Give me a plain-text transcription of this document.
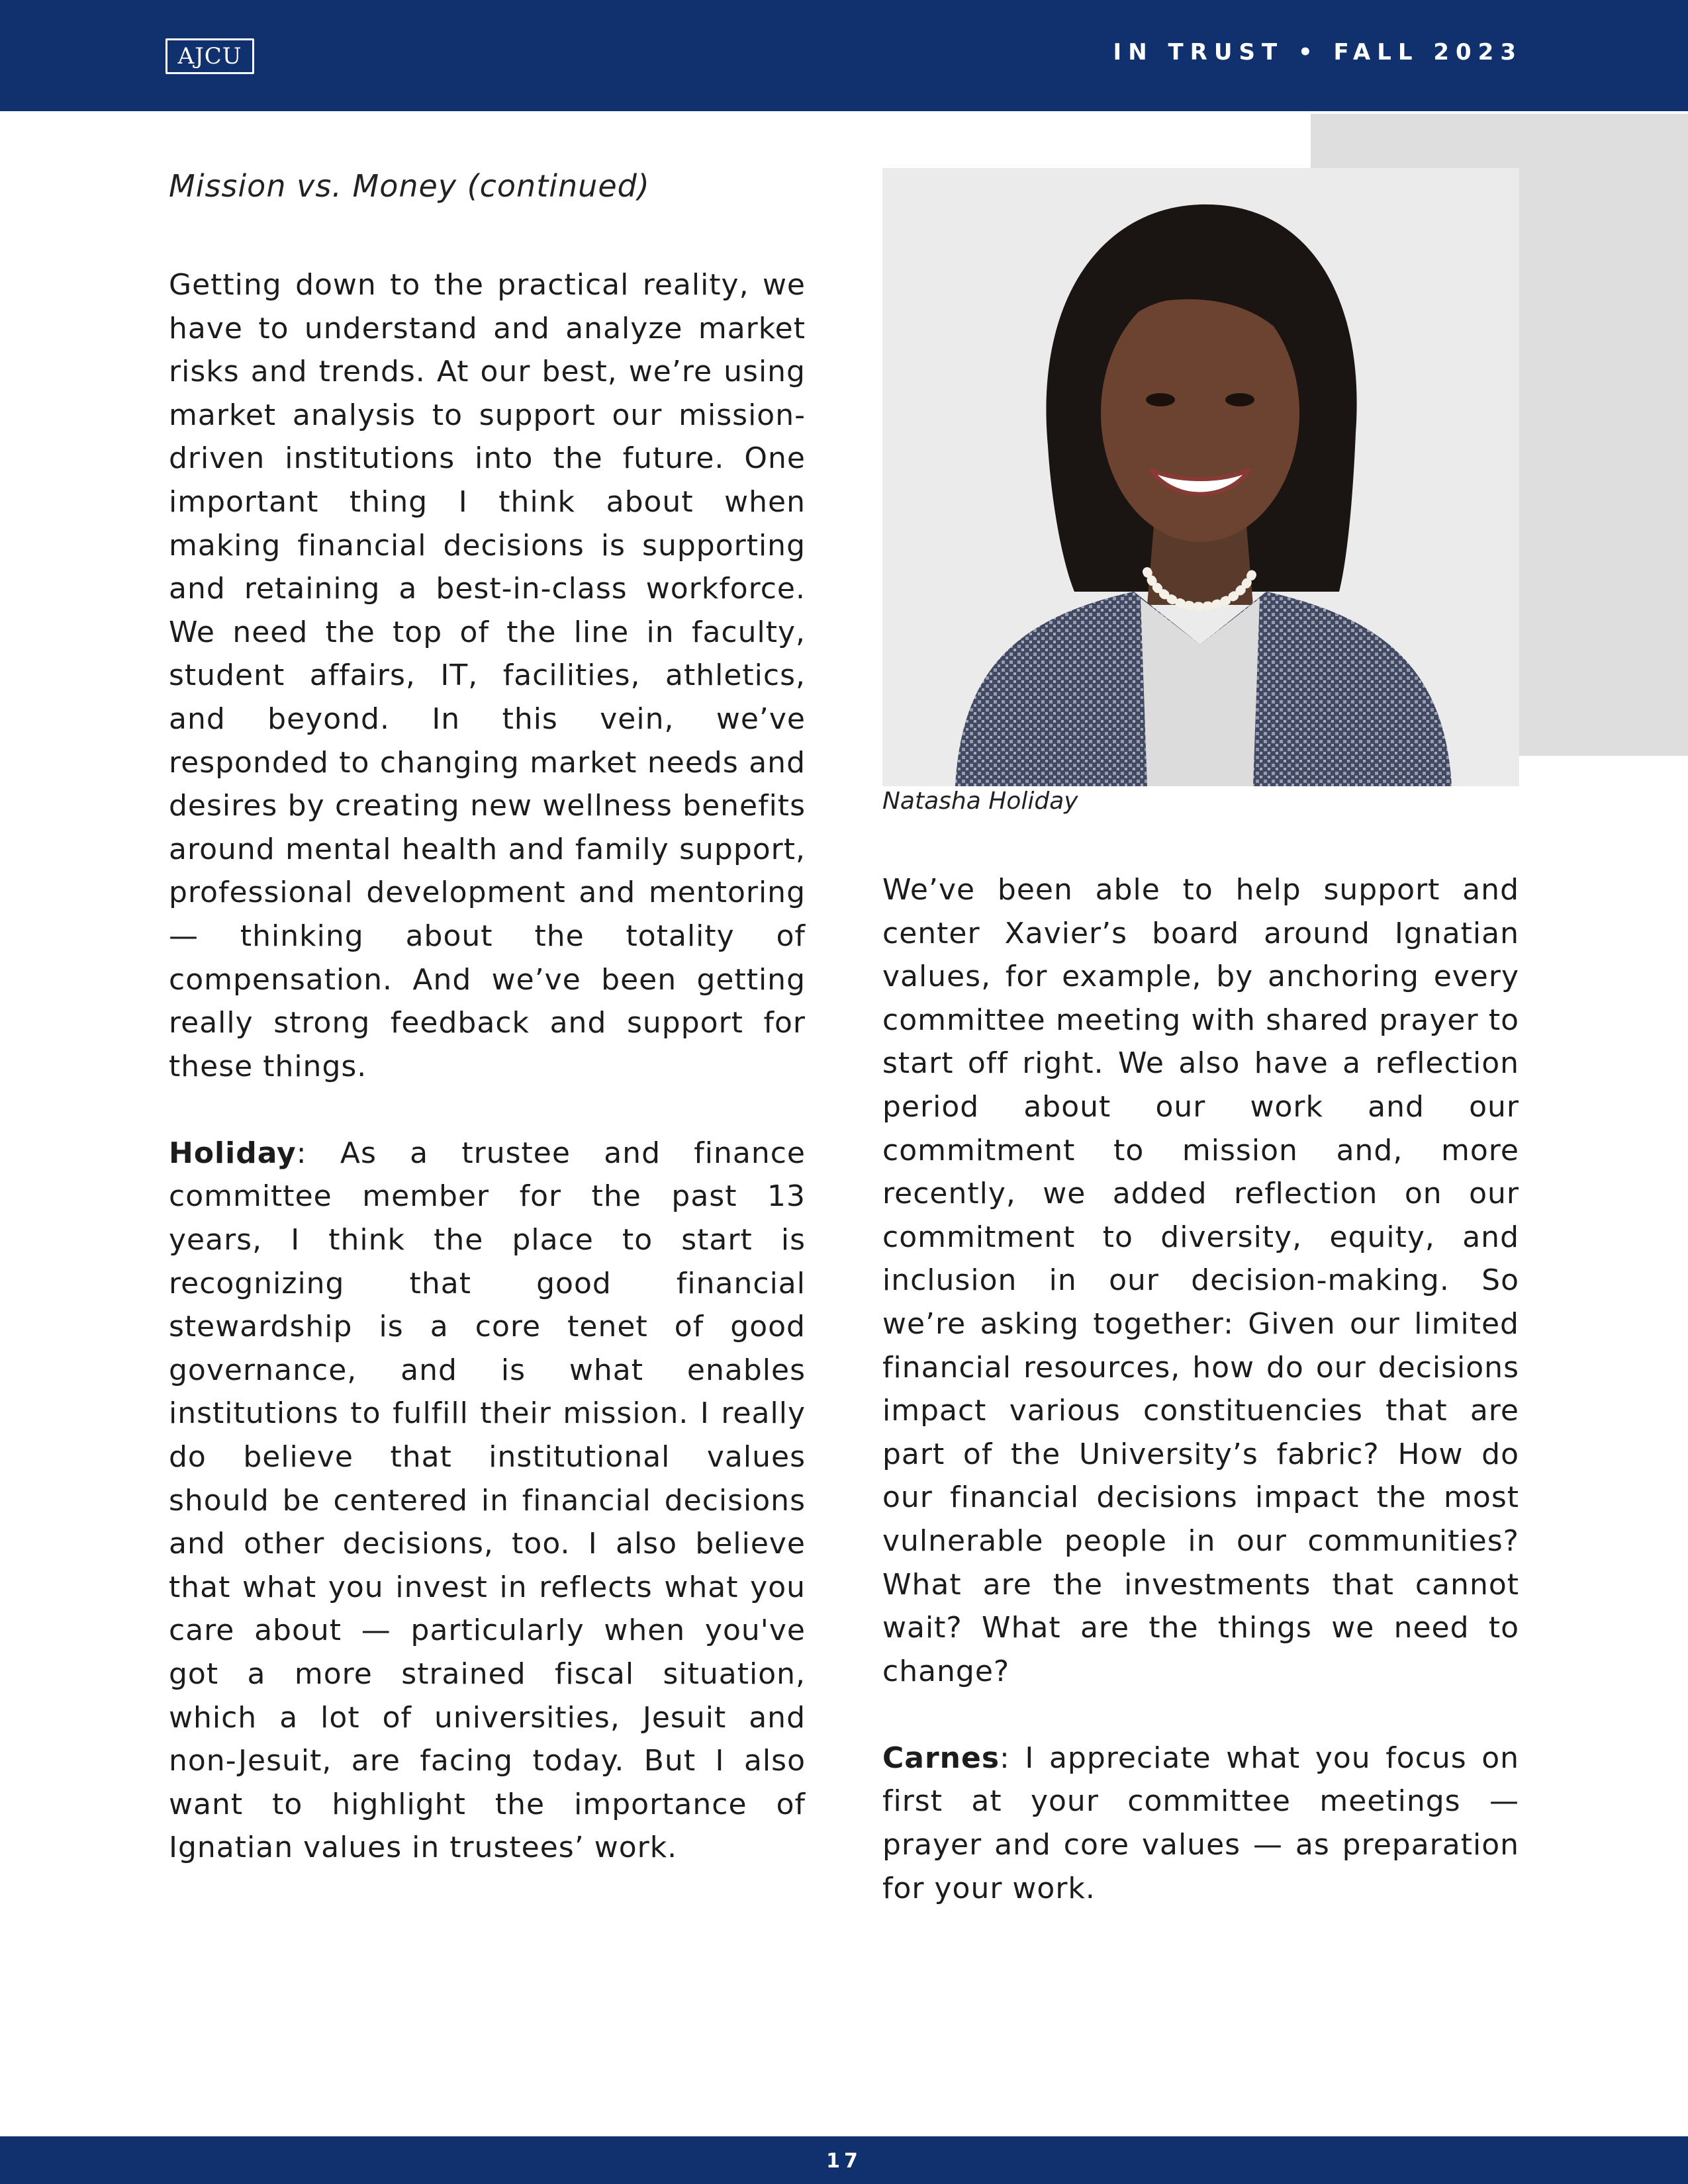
AJCU	IN TRUST • FALL 2023
Natasha Holiday
Mission vs. Money (continued)

Getting down to the practical reality, we have to understand and analyze market risks and trends. At our best, we’re using market analysis to support our mission-driven institutions into the future. One important thing I think about when making financial decisions is supporting and retaining a best-in-class workforce. We need the top of the line in faculty, student affairs, IT, facilities, athletics, and beyond. In this vein, we’ve responded to changing market needs and desires by creating new wellness benefits around mental health and family support, professional development and mentoring — thinking about the totality of compensation. And we’ve been getting really strong feedback and support for these things.

Holiday: As a trustee and finance committee member for the past 13 years, I think the place to start is recognizing that good financial stewardship is a core tenet of good governance, and is what enables institutions to fulfill their mission. I really do believe that institutional values should be centered in financial decisions and other decisions, too. I also believe that what you invest in reflects what you care about — particularly when you've got a more strained fiscal situation, which a lot of universities, Jesuit and non-Jesuit, are facing today. But I also want to highlight the importance of Ignatian values in trustees’ work.

We’ve been able to help support and center Xavier’s board around Ignatian values, for example, by anchoring every committee meeting with shared prayer to start off right. We also have a reflection period about our work and our commitment to mission and, more recently, we added reflection on our commitment to diversity, equity, and inclusion in our decision-making. So we’re asking together: Given our limited financial resources, how do our decisions impact various constituencies that are part of the University’s fabric? How do our financial decisions impact the most vulnerable people in our communities? What are the investments that cannot wait? What are the things we need to change?

Carnes: I appreciate what you focus on first at your committee meetings — prayer and core values — as preparation for your work.

17
